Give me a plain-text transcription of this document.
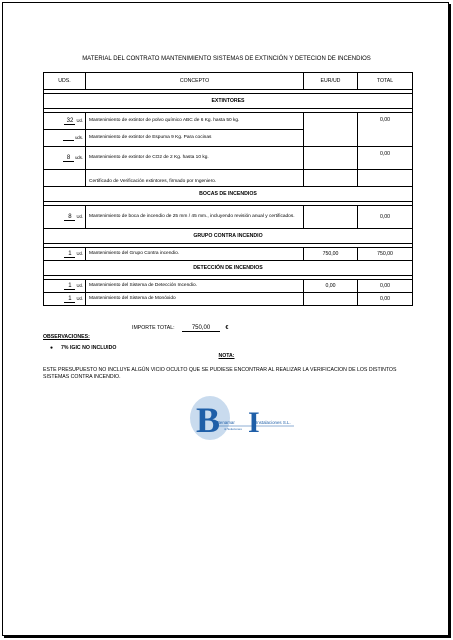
MATERIAL DEL CONTRATO MANTENIMIENTO SISTEMAS DE EXTINCIÓN Y DETECION DE INCENDIOS
UDS.	CONCEPTO	EUR/UD	TOTAL

EXTINTORES			

32 Ud.	Mantenimiento de extintor de polvo químico ABC de 6 Kg. hasta 50 kg.		0,00
uds.	Mantenimiento de extintor de Espuma 9 Kg. Para cocinas		
8 uds.	Mantenimiento de extintor de CO2 de 2 Kg. hasta 10 kg.		0,00
	Certificado de Verificación extintores, firmado por Ingeniero.		
BOCAS DE INCENDIOS			

8 Ud.	Mantenimiento de boca de incendio de 25 mm / 45 mm., incluyendo revisión anual y certificados.		0,00
GRUPO CONTRA INCENDIO			

1 Ud.	Mantenimiento del Grupo Contra incendio.	750,00	750,00
DETECCIÓN DE INCENDIOS			

1 Ud.	Mantenimiento del Sistema de Detección Incendio.	0,00	0,00
1 Ud.	Mantenimiento del Sistema de Monóxido		0,00
IMPORTE TOTAL:	750,00	€
OBSERVACIONES:
● 7% IGIC NO INCLUIDO
NOTA:
ESTE PRESUPUESTO NO INCLUYE ALGÚN VICIO OCULTO QUE SE PUDIESE ENCONTRAR AL REALIZAR LA VERIFICACION DE LOS DISTINTOS SISTEMAS CONTRA INCENDIO.
B I
Benamar	Instalaciones S.L.
ni Soluciones
